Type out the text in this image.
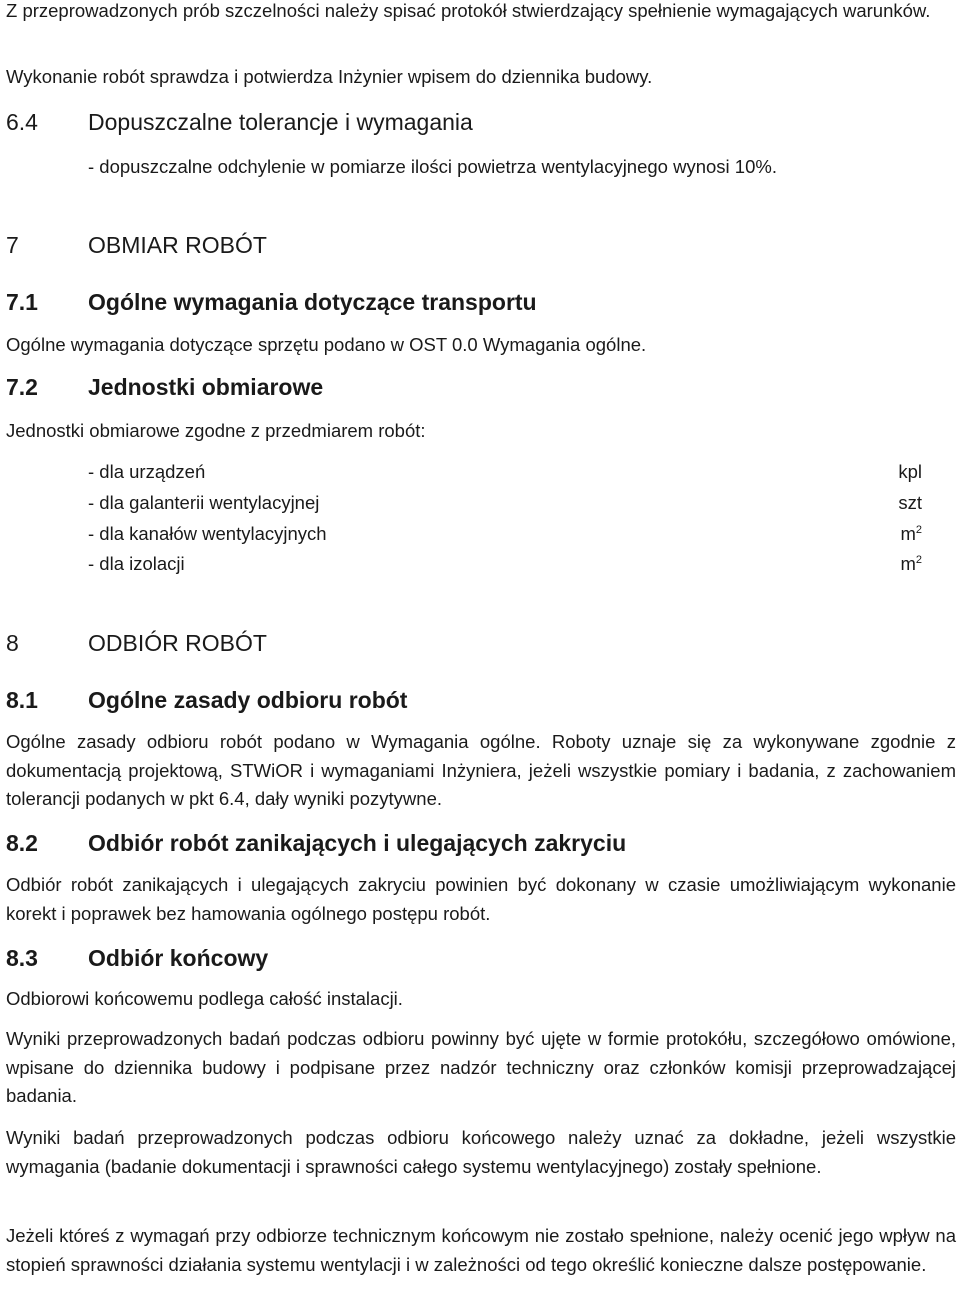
Z przeprowadzonych prób szczelności należy spisać protokół stwierdzający spełnienie wymagających warunków.

Wykonanie robót sprawdza i potwierdza Inżynier wpisem do dziennika budowy.

6.4 Dopuszczalne tolerancje i wymagania

- dopuszczalne odchylenie w pomiarze ilości powietrza wentylacyjnego wynosi 10%.

7	OBMIAR ROBÓT
7.1 Ogólne wymagania dotyczące transportu

Ogólne wymagania dotyczące sprzętu podano w OST 0.0 Wymagania ogólne.

7.2 Jednostki obmiarowe

Jednostki obmiarowe zgodne z przedmiarem robót:

- dla urządzeń	kpl
- dla galanterii wentylacyjnej	szt
- dla kanałów wentylacyjnych	$m^2$
- dla izolacji	$m^2$
8	ODBIÓR ROBÓT
8.1 Ogólne zasady odbioru robót

Ogólne zasady odbioru robót podano w Wymagania ogólne. Roboty uznaje się za wykonywane zgodnie z dokumentacją projektową, STWiOR i wymaganiami Inżyniera, jeżeli wszystkie pomiary i badania, z zachowaniem tolerancji podanych w pkt 6.4, dały wyniki pozytywne.

8.2 Odbiór robót zanikających i ulegających zakryciu

Odbiór robót zanikających i ulegających zakryciu powinien być dokonany w czasie umożliwiającym wykonanie korekt i poprawek bez hamowania ogólnego postępu robót.

8.3 Odbiór końcowy

Odbiorowi końcowemu podlega całość instalacji.

Wyniki przeprowadzonych badań podczas odbioru powinny być ujęte w formie protokółu, szczegółowo omówione, wpisane do dziennika budowy i podpisane przez nadzór techniczny oraz członków komisji przeprowadzającej badania.

Wyniki badań przeprowadzonych podczas odbioru końcowego należy uznać za dokładne, jeżeli wszystkie wymagania (badanie dokumentacji i sprawności całego systemu wentylacyjnego) zostały spełnione.

Jeżeli któreś z wymagań przy odbiorze technicznym końcowym nie zostało spełnione, należy ocenić jego wpływ na stopień sprawności działania systemu wentylacji i w zależności od tego określić konieczne dalsze postępowanie.
